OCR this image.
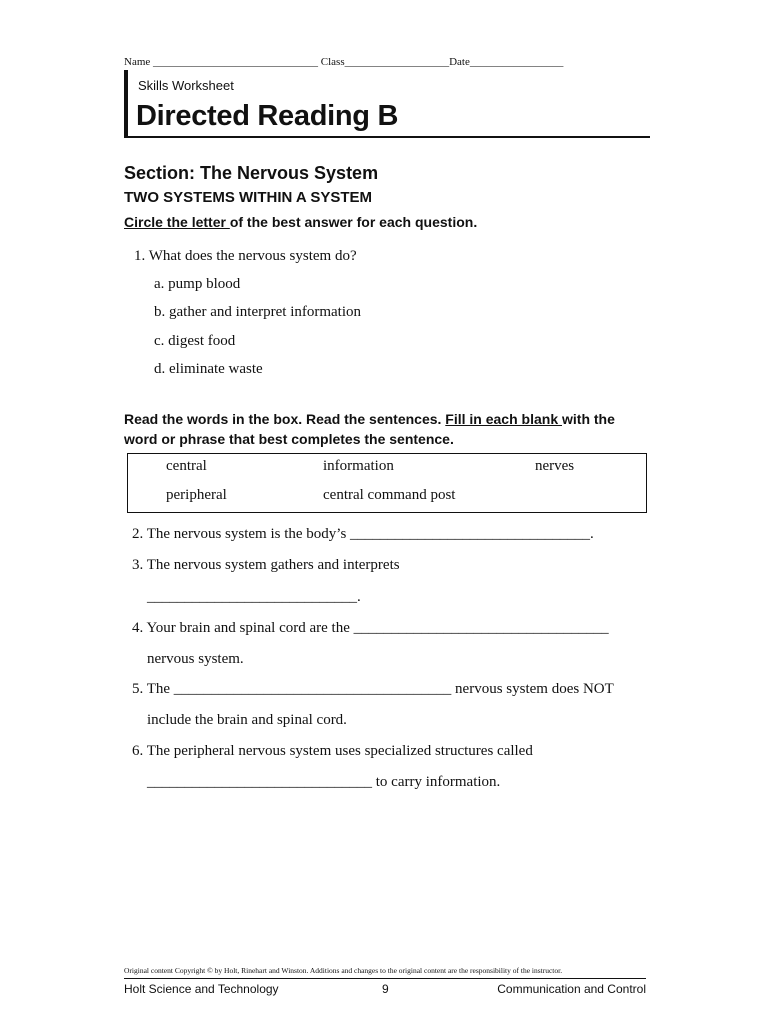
Name ______________________________ Class___________________Date_________________
Skills Worksheet
Directed Reading B
Section: The Nervous System
TWO SYSTEMS WITHIN A SYSTEM
Circle the letter of the best answer for each question.
1. What does the nervous system do?
a. pump blood
b. gather and interpret information
c. digest food
d. eliminate waste
Read the words in the box. Read the sentences. Fill in each blank with the word or phrase that best completes the sentence.
central	information	nerves
peripheral	central command post
2. The nervous system is the body’s ________________________________.
3. The nervous system gathers and interprets
____________________________.
4. Your brain and spinal cord are the __________________________________
nervous system.
5. The _____________________________________ nervous system does NOT
include the brain and spinal cord.
6. The peripheral nervous system uses specialized structures called
______________________________ to carry information.
Original content Copyright © by Holt, Rinehart and Winston. Additions and changes to the original content are the responsibility of the instructor.
Holt Science and Technology	9	Communication and Control
